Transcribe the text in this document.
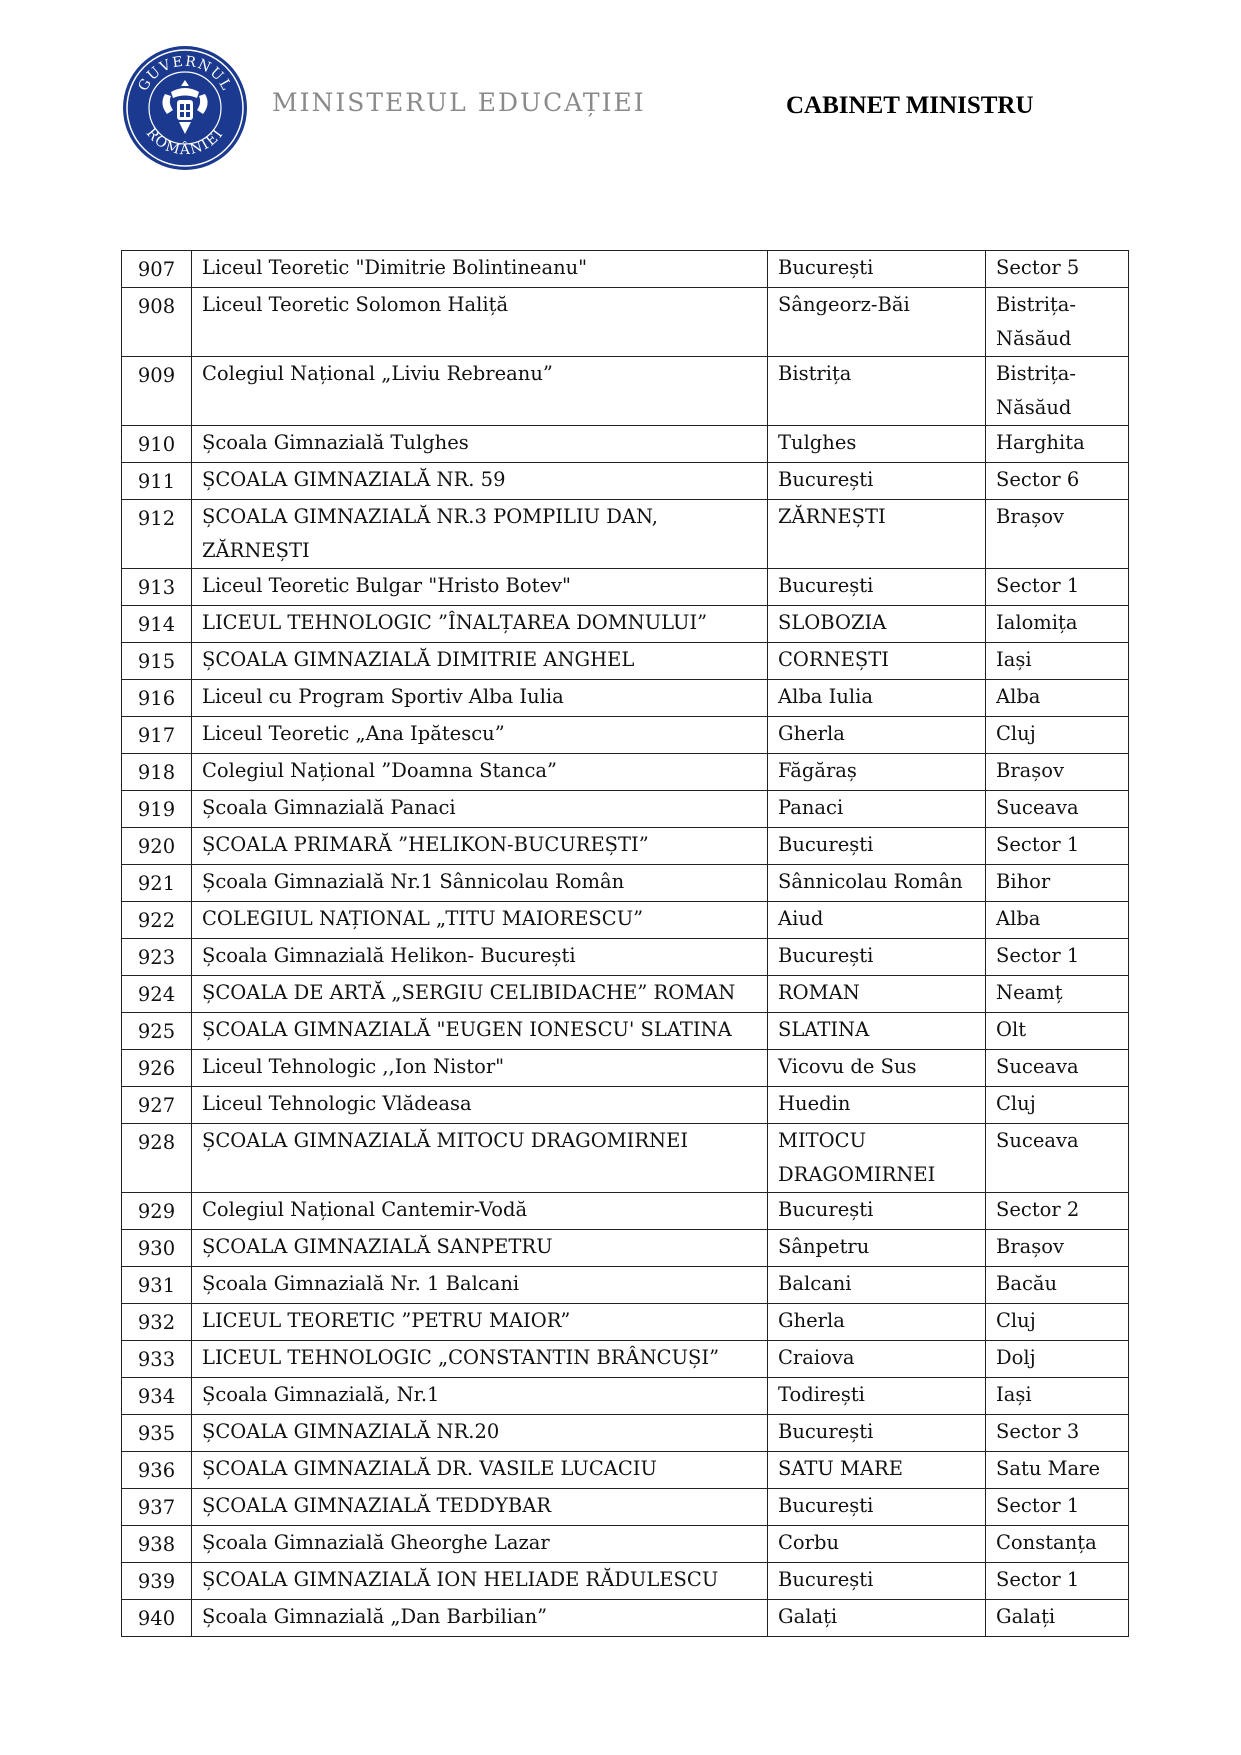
GUVERNUL
ROMÂNIEI
MINISTERUL EDUCAȚIEI	CABINET MINISTRU
907	Liceul Teoretic "Dimitrie Bolintineanu"	București	Sector 5
908	Liceul Teoretic Solomon Haliță	Sângeorz-Băi	Bistrița-Năsăud
909	Colegiul Național „Liviu Rebreanu”	Bistrița	Bistrița-Năsăud
910	Școala Gimnazială Tulghes	Tulghes	Harghita
911	ȘCOALA GIMNAZIALĂ NR. 59	București	Sector 6
912	ȘCOALA GIMNAZIALĂ NR.3 POMPILIU DAN, ZĂRNEȘTI	ZĂRNEȘTI	Brașov
913	Liceul Teoretic Bulgar "Hristo Botev"	București	Sector 1
914	LICEUL TEHNOLOGIC ”ÎNALȚAREA DOMNULUI”	SLOBOZIA	Ialomița
915	ȘCOALA GIMNAZIALĂ DIMITRIE ANGHEL	CORNEȘTI	Iași
916	Liceul cu Program Sportiv Alba Iulia	Alba Iulia	Alba
917	Liceul Teoretic „Ana Ipătescu”	Gherla	Cluj
918	Colegiul Național ”Doamna Stanca”	Făgăraș	Brașov
919	Școala Gimnazială Panaci	Panaci	Suceava
920	ȘCOALA PRIMARĂ ”HELIKON-BUCUREȘTI”	București	Sector 1
921	Școala Gimnazială Nr.1 Sânnicolau Român	Sânnicolau Român	Bihor
922	COLEGIUL NAȚIONAL „TITU MAIORESCU”	Aiud	Alba
923	Școala Gimnazială Helikon- București	București	Sector 1
924	ȘCOALA DE ARTĂ „SERGIU CELIBIDACHE” ROMAN	ROMAN	Neamț
925	ȘCOALA GIMNAZIALĂ "EUGEN IONESCU' SLATINA	SLATINA	Olt
926	Liceul Tehnologic ,,Ion Nistor"	Vicovu de Sus	Suceava
927	Liceul Tehnologic Vlădeasa	Huedin	Cluj
928	ȘCOALA GIMNAZIALĂ MITOCU DRAGOMIRNEI	MITOCU DRAGOMIRNEI	Suceava
929	Colegiul Național Cantemir-Vodă	București	Sector 2
930	ȘCOALA GIMNAZIALĂ SANPETRU	Sânpetru	Brașov
931	Școala Gimnazială Nr. 1 Balcani	Balcani	Bacău
932	LICEUL TEORETIC ”PETRU MAIOR”	Gherla	Cluj
933	LICEUL TEHNOLOGIC „CONSTANTIN BRÂNCUȘI”	Craiova	Dolj
934	Școala Gimnazială, Nr.1	Todirești	Iași
935	ȘCOALA GIMNAZIALĂ NR.20	București	Sector 3
936	ȘCOALA GIMNAZIALĂ DR. VASILE LUCACIU	SATU MARE	Satu Mare
937	ȘCOALA GIMNAZIALĂ TEDDYBAR	București	Sector 1
938	Școala Gimnazială Gheorghe Lazar	Corbu	Constanța
939	ȘCOALA GIMNAZIALĂ ION HELIADE RĂDULESCU	București	Sector 1
940	Școala Gimnazială „Dan Barbilian”	Galați	Galați
